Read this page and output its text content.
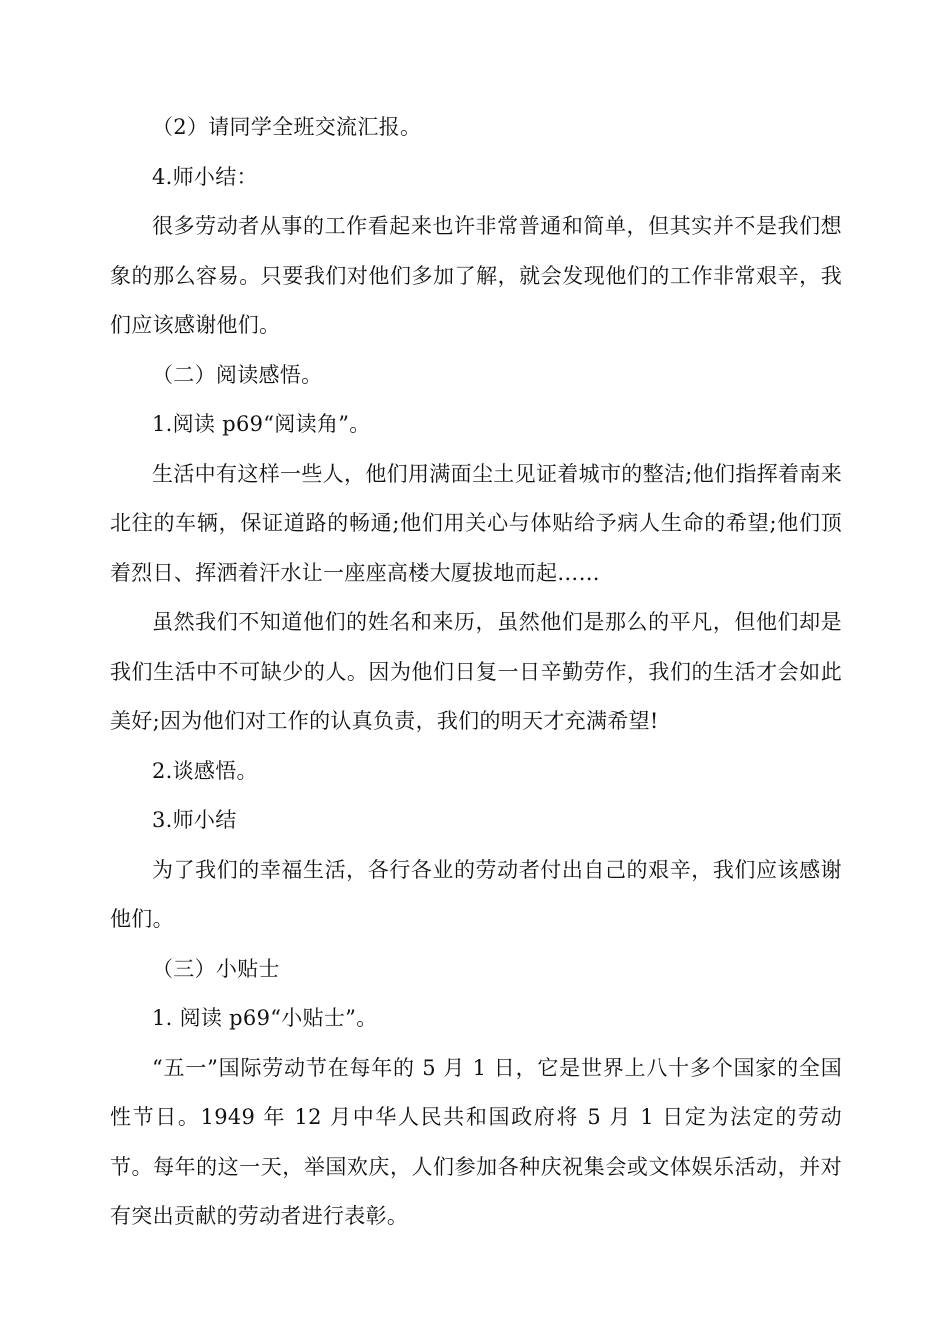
（2）请同学全班交流汇报。

4.师小结：

很多劳动者从事的工作看起来也许非常普通和简单，但其实并不是我们想象的那么容易。只要我们对他们多加了解，就会发现他们的工作非常艰辛，我们应该感谢他们。

（二）阅读感悟。

1.阅读 p69“阅读角”。

生活中有这样一些人，他们用满面尘土见证着城市的整洁;他们指挥着南来北往的车辆，保证道路的畅通;他们用关心与体贴给予病人生命的希望;他们顶着烈日、挥洒着汗水让一座座高楼大厦拔地而起……

虽然我们不知道他们的姓名和来历，虽然他们是那么的平凡，但他们却是我们生活中不可缺少的人。因为他们日复一日辛勤劳作，我们的生活才会如此美好;因为他们对工作的认真负责，我们的明天才充满希望!

2.谈感悟。

3.师小结

为了我们的幸福生活，各行各业的劳动者付出自己的艰辛，我们应该感谢他们。

（三）小贴士

1. 阅读 p69“小贴士”。

“五一”国际劳动节在每年的 5 月 1 日，它是世界上八十多个国家的全国性节日。1949 年 12 月中华人民共和国政府将 5 月 1 日定为法定的劳动节。每年的这一天，举国欢庆，人们参加各种庆祝集会或文体娱乐活动，并对有突出贡献的劳动者进行表彰。
